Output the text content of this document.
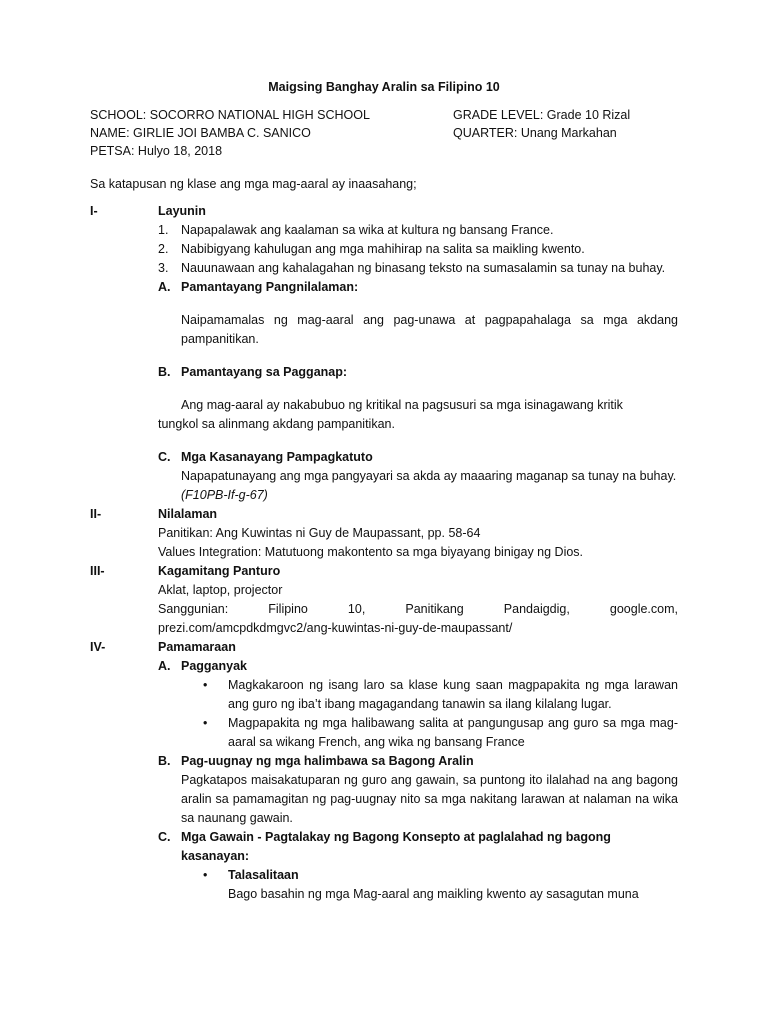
Maigsing Banghay Aralin sa Filipino 10
SCHOOL: SOCORRO NATIONAL HIGH SCHOOL	GRADE LEVEL: Grade 10 Rizal
NAME: GIRLIE JOI BAMBA C. SANICO	QUARTER: Unang Markahan
PETSA: Hulyo 18, 2018
Sa katapusan ng klase ang mga mag-aaral ay inaasahang;
I-	Layunin
1.	Napapalawak ang kaalaman sa wika at kultura ng bansang France.
2.	Nabibigyang kahulugan ang mga mahihirap na salita sa maikling kwento.
3.	Nauunawaan ang kahalagahan ng binasang teksto na sumasalamin sa tunay na buhay.
A. Pamantayang Pangnilalaman:
Naipamamalas ng mag-aaral ang pag-unawa at pagpapahalaga sa mga akdang pampanitikan.
B. Pamantayang sa Pagganap:
Ang mag-aaral ay nakabubuo ng kritikal na pagsusuri sa mga isinagawang kritik
tungkol sa alinmang akdang pampanitikan.
C. Mga Kasanayang Pampagkatuto
Napapatunayang ang mga pangyayari sa akda ay maaaring maganap sa tunay na buhay.
(F10PB-If-g-67)
II-	Nilalaman
Panitikan: Ang Kuwintas ni Guy de Maupassant, pp. 58-64
Values Integration: Matutuong makontento sa mga biyayang binigay ng Dios.
III-	Kagamitang Panturo
Aklat, laptop, projector
Sanggunian: Filipino 10, Panitikang Pandaigdig, google.com,
prezi.com/amcpdkdmgvc2/ang-kuwintas-ni-guy-de-maupassant/
IV-	Pamamaraan
A. Pagganyak
•	Magkakaroon ng isang laro sa klase kung saan magpapakita ng mga larawan ang guro ng iba’t ibang magagandang tanawin sa ilang kilalang lugar.
•	Magpapakita ng mga halibawang salita at pangungusap ang guro sa mga mag-aaral sa wikang French, ang wika ng bansang France
B. Pag-uugnay ng mga halimbawa sa Bagong Aralin
Pagkatapos maisakatuparan ng guro ang gawain, sa puntong ito ilalahad na ang bagong aralin sa pamamagitan ng pag-uugnay nito sa mga nakitang larawan at nalaman na wika sa naunang gawain.
C. Mga Gawain - Pagtalakay ng Bagong Konsepto at paglalahad ng bagong kasanayan:
•	Talasalitaan
Bago basahin ng mga Mag-aaral ang maikling kwento ay sasagutan muna
